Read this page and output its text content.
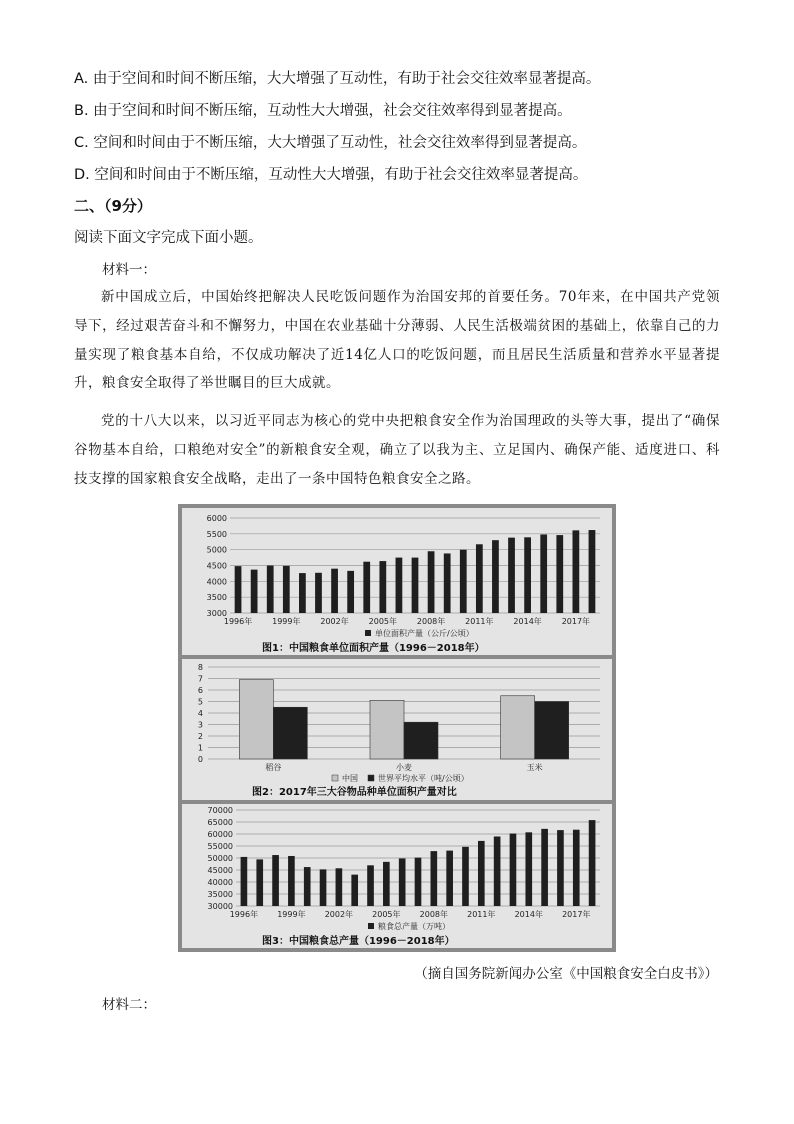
A. 由于空间和时间不断压缩，大大增强了互动性，有助于社会交往效率显著提高。
B. 由于空间和时间不断压缩，互动性大大增强，社会交往效率得到显著提高。
C. 空间和时间由于不断压缩，大大增强了互动性，社会交往效率得到显著提高。
D. 空间和时间由于不断压缩，互动性大大增强，有助于社会交往效率显著提高。
二、（9分）
阅读下面文字完成下面小题。
材料一：

新中国成立后，中国始终把解决人民吃饭问题作为治国安邦的首要任务。70年来，在中国共产党领导下，经过艰苦奋斗和不懈努力，中国在农业基础十分薄弱、人民生活极端贫困的基础上，依靠自己的力量实现了粮食基本自给，不仅成功解决了近14亿人口的吃饭问题，而且居民生活质量和营养水平显著提升，粮食安全取得了举世瞩目的巨大成就。

党的十八大以来，以习近平同志为核心的党中央把粮食安全作为治国理政的头等大事，提出了“确保谷物基本自给，口粮绝对安全”的新粮食安全观，确立了以我为主、立足国内、确保产能、适度进口、科技支撑的国家粮食安全战略，走出了一条中国特色粮食安全之路。

3000
3500
4000
4500
5000
5500
6000
1996年 1999年 2002年 2005年 2008年 2011年 2014年 2017年
单位面积产量（公斤/公顷）
图1：中国粮食单位面积产量（1996－2018年）
0
1
2
3
4
5
6
7
8
稻谷	小麦	玉米
中国	世界平均水平（吨/公顷）
图2：2017年三大谷物品种单位面积产量对比
30000
35000
40000
45000
50000
55000
60000
65000
70000
1996年 1999年 2002年 2005年 2008年 2011年 2014年 2017年
粮食总产量（万吨）
图3：中国粮食总产量（1996－2018年）
（摘自国务院新闻办公室《中国粮食安全白皮书》）
材料二：
